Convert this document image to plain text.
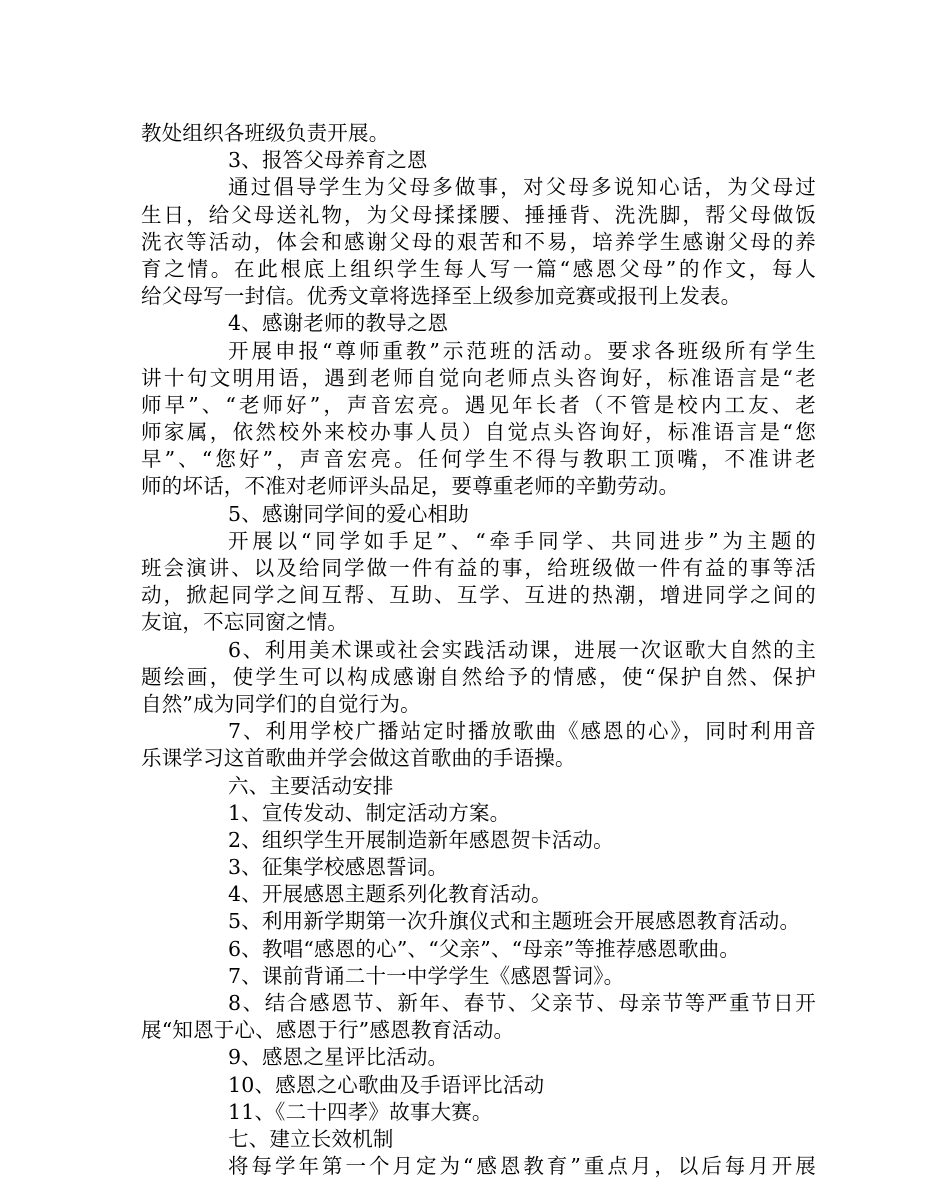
教处组织各班级负责开展。
3、报答父母养育之恩
通过倡导学生为父母多做事，对父母多说知心话，为父母过
生日，给父母送礼物，为父母揉揉腰、捶捶背、洗洗脚，帮父母做饭
洗衣等活动，体会和感谢父母的艰苦和不易，培养学生感谢父母的养
育之情。在此根底上组织学生每人写一篇“感恩父母”的作文，每人
给父母写一封信。优秀文章将选择至上级参加竞赛或报刊上发表。
4、感谢老师的教导之恩
开展申报“尊师重教”示范班的活动。要求各班级所有学生
讲十句文明用语，遇到老师自觉向老师点头咨询好，标准语言是“老
师早”、“老师好”，声音宏亮。遇见年长者（不管是校内工友、老
师家属，依然校外来校办事人员）自觉点头咨询好，标准语言是“您
早”、“您好”，声音宏亮。任何学生不得与教职工顶嘴，不准讲老
师的坏话，不准对老师评头品足，要尊重老师的辛勤劳动。
5、感谢同学间的爱心相助
开展以“同学如手足”、“牵手同学、共同进步”为主题的
班会演讲、以及给同学做一件有益的事，给班级做一件有益的事等活
动，掀起同学之间互帮、互助、互学、互进的热潮，增进同学之间的
友谊，不忘同窗之情。
6、利用美术课或社会实践活动课，进展一次讴歌大自然的主
题绘画，使学生可以构成感谢自然给予的情感，使“保护自然、保护
自然”成为同学们的自觉行为。
7、利用学校广播站定时播放歌曲《感恩的心》，同时利用音
乐课学习这首歌曲并学会做这首歌曲的手语操。
六、主要活动安排
1、宣传发动、制定活动方案。
2、组织学生开展制造新年感恩贺卡活动。
3、征集学校感恩誓词。
4、开展感恩主题系列化教育活动。
5、利用新学期第一次升旗仪式和主题班会开展感恩教育活动。
6、教唱“感恩的心”、“父亲”、“母亲”等推荐感恩歌曲。
7、课前背诵二十一中学学生《感恩誓词》。
8、结合感恩节、新年、春节、父亲节、母亲节等严重节日开
展“知恩于心、感恩于行”感恩教育活动。
9、感恩之星评比活动。
10、感恩之心歌曲及手语评比活动
11、《二十四孝》故事大赛。
七、建立长效机制
将每学年第一个月定为“感恩教育”重点月，以后每月开展
